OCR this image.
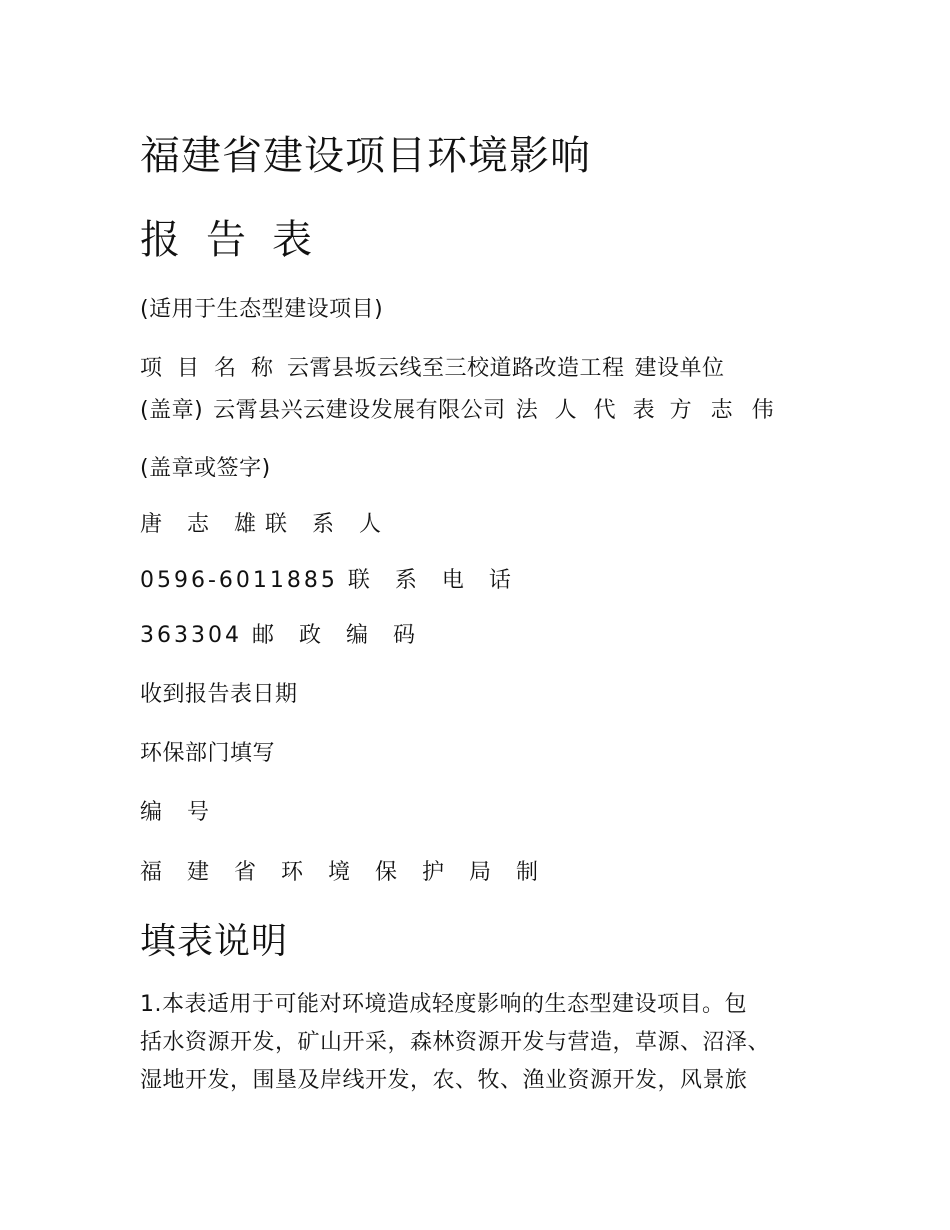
福建省建设项目环境影响
报告表
(适用于生态型建设项目)
项 目 名 称 云霄县坂云线至三校道路改造工程 建设单位
(盖章) 云霄县兴云建设发展有限公司 法 人 代 表 方 志 伟
(盖章或签字)
唐 志 雄联 系 人
0596-6011885 联 系 电 话
363304 邮 政 编 码
收到报告表日期
环保部门填写
编 号
福 建 省 环 境 保 护 局 制
填表说明
1.本表适用于可能对环境造成轻度影响的生态型建设项目。包
括水资源开发，矿山开采，森林资源开发与营造，草源、沼泽、
湿地开发，围垦及岸线开发，农、牧、渔业资源开发，风景旅
